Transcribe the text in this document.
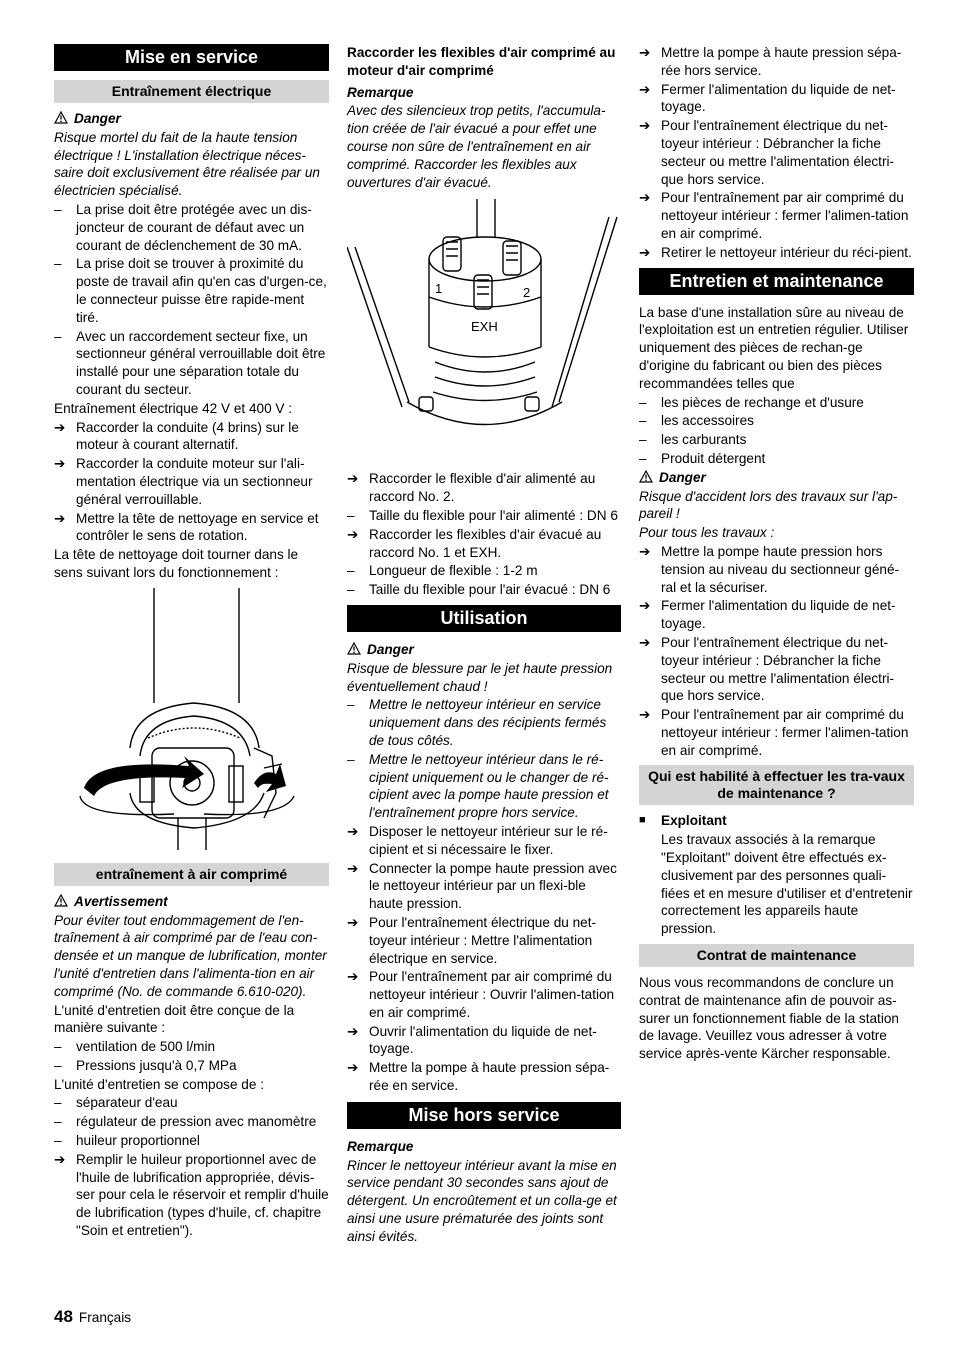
Mise en service
Entraînement électrique
Danger
Risque mortel du fait de la haute tension électrique ! L'installation électrique néces-saire doit exclusivement être réalisée par un électricien spécialisé.
–	La prise doit être protégée avec un dis-joncteur de courant de défaut avec un courant de déclenchement de 30 mA.
–	La prise doit se trouver à proximité du poste de travail afin qu'en cas d'urgen-ce, le connecteur puisse être rapide-ment tiré.
–	Avec un raccordement secteur fixe, un sectionneur général verrouillable doit être installé pour une séparation totale du courant du secteur.
Entraînement électrique 42 V et 400 V :
➔ Raccorder la conduite (4 brins) sur le moteur à courant alternatif.
➔ Raccorder la conduite moteur sur l'ali-mentation électrique via un sectionneur général verrouillable.
➔ Mettre la tête de nettoyage en service et contrôler le sens de rotation.
La tête de nettoyage doit tourner dans le sens suivant lors du fonctionnement :
entraînement à air comprimé
Avertissement
Pour éviter tout endommagement de l'en-traînement à air comprimé par de l'eau con-densée et un manque de lubrification, monter l'unité d'entretien dans l'alimenta-tion en air comprimé (No. de commande 6.610-020).
L'unité d'entretien doit être conçue de la manière suivante :
–	ventilation de 500 l/min
–	Pressions jusqu'à 0,7 MPa
L'unité d'entretien se compose de :
–	séparateur d'eau
–	régulateur de pression avec manomètre
–	huileur proportionnel
➔ Remplir le huileur proportionnel avec de l'huile de lubrification appropriée, dévis-ser pour cela le réservoir et remplir d'huile de lubrification (types d'huile, cf. chapitre "Soin et entretien").
Raccorder les flexibles d'air comprimé au moteur d'air comprimé
Remarque
Avec des silencieux trop petits, l'accumula-tion créée de l'air évacué a pour effet une course non sûre de l'entraînement en air comprimé. Raccorder les flexibles aux ouvertures d'air évacué.
1	2
EXH
➔ Raccorder le flexible d'air alimenté au raccord No. 2.
–	Taille du flexible pour l'air alimenté : DN 6
➔ Raccorder les flexibles d'air évacué au raccord No. 1 et EXH.
–	Longueur de flexible : 1-2 m
–	Taille du flexible pour l'air évacué : DN 6
Utilisation
Danger
Risque de blessure par le jet haute pression éventuellement chaud !
–	Mettre le nettoyeur intérieur en service uniquement dans des récipients fermés de tous côtés.
–	Mettre le nettoyeur intérieur dans le ré-cipient uniquement ou le changer de ré-cipient avec la pompe haute pression et l'entraînement propre hors service.
➔ Disposer le nettoyeur intérieur sur le ré-cipient et si nécessaire le fixer.
➔ Connecter la pompe haute pression avec le nettoyeur intérieur par un flexi-ble haute pression.
➔ Pour l'entraînement électrique du net-toyeur intérieur : Mettre l'alimentation électrique en service.
➔ Pour l'entraînement par air comprimé du nettoyeur intérieur : Ouvrir l'alimen-tation en air comprimé.
➔ Ouvrir l'alimentation du liquide de net-toyage.
➔ Mettre la pompe à haute pression sépa-rée en service.
Mise hors service
Remarque
Rincer le nettoyeur intérieur avant la mise en service pendant 30 secondes sans ajout de détergent. Un encroûtement et un colla-ge et ainsi une usure prématurée des joints sont ainsi évités.
➔ Mettre la pompe à haute pression sépa-rée hors service.
➔ Fermer l'alimentation du liquide de net-toyage.
➔ Pour l'entraînement électrique du net-toyeur intérieur : Débrancher la fiche secteur ou mettre l'alimentation électri-que hors service.
➔ Pour l'entraînement par air comprimé du nettoyeur intérieur : fermer l'alimen-tation en air comprimé.
➔ Retirer le nettoyeur intérieur du réci-pient.
Entretien et maintenance
La base d'une installation sûre au niveau de l'exploitation est un entretien régulier. Utiliser uniquement des pièces de rechan-ge d'origine du fabricant ou bien des pièces recommandées telles que
–	les pièces de rechange et d'usure
–	les accessoires
–	les carburants
–	Produit détergent
Danger
Risque d'accident lors des travaux sur l'ap-pareil !
Pour tous les travaux :
➔ Mettre la pompe haute pression hors tension au niveau du sectionneur géné-ral et la sécuriser.
➔ Fermer l'alimentation du liquide de net-toyage.
➔ Pour l'entraînement électrique du net-toyeur intérieur : Débrancher la fiche secteur ou mettre l'alimentation électri-que hors service.
➔ Pour l'entraînement par air comprimé du nettoyeur intérieur : fermer l'alimen-tation en air comprimé.
Qui est habilité à effectuer les tra-vaux de maintenance ?
■	Exploitant
Les travaux associés à la remarque "Exploitant" doivent être effectués ex-clusivement par des personnes quali-fiées et en mesure d'utiliser et d'entretenir correctement les appareils haute pression.
Contrat de maintenance
Nous vous recommandons de conclure un contrat de maintenance afin de pouvoir as-surer un fonctionnement fiable de la station de lavage. Veuillez vous adresser à votre service après-vente Kärcher responsable.
48 Français
